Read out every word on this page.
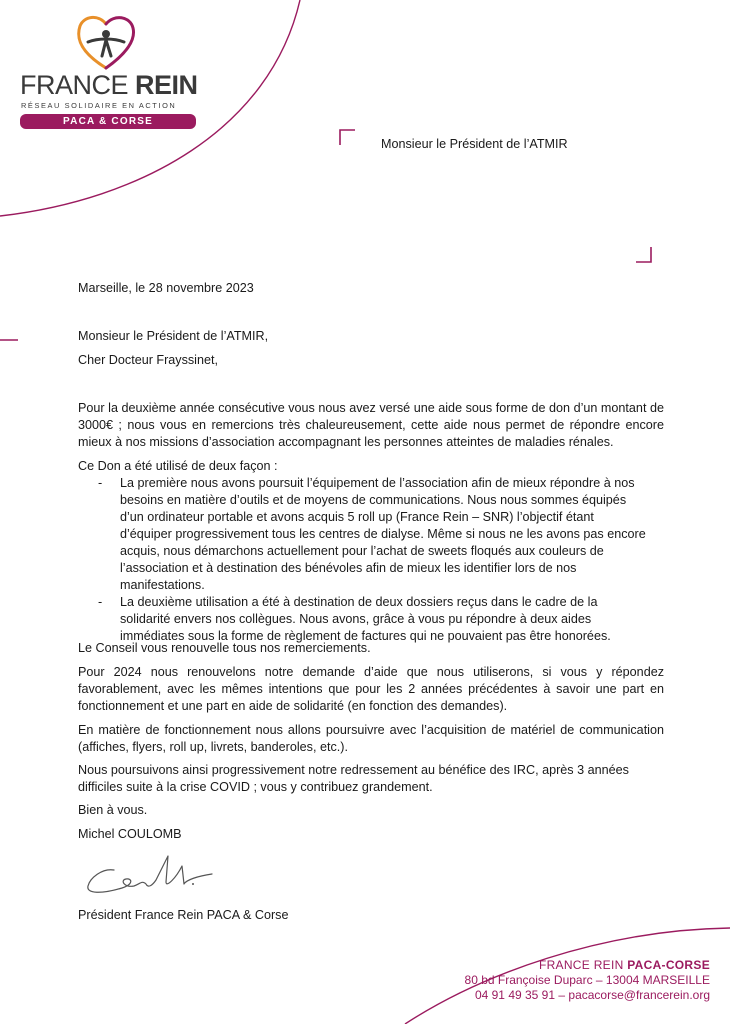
FRANCE REIN
RÉSEAU SOLIDAIRE EN ACTION
PACA & CORSE
Monsieur le Président de l’ATMIR
Marseille, le 28 novembre 2023
Monsieur le Président de l’ATMIR,
Cher Docteur Frayssinet,
Pour la deuxième année consécutive vous nous avez versé une aide sous forme de don d’un montant de 3000€ ; nous vous en remercions très chaleureusement, cette aide nous permet de répondre encore mieux à nos missions d’association accompagnant les personnes atteintes de maladies rénales.
Ce Don a été utilisé de deux façon :
- La première nous avons poursuit l’équipement de l’association afin de mieux répondre à nos besoins en matière d’outils et de moyens de communications. Nous nous sommes équipés d’un ordinateur portable et avons acquis 5 roll up (France Rein – SNR) l’objectif étant d’équiper progressivement tous les centres de dialyse. Même si nous ne les avons pas encore acquis, nous démarchons actuellement pour l’achat de sweets floqués aux couleurs de l’association et à destination des bénévoles afin de mieux les identifier lors de nos manifestations.
- La deuxième utilisation a été à destination de deux dossiers reçus dans le cadre de la solidarité envers nos collègues. Nous avons, grâce à vous pu répondre à deux aides immédiates sous la forme de règlement de factures qui ne pouvaient pas être honorées.
Le Conseil vous renouvelle tous nos remerciements.
Pour 2024 nous renouvelons notre demande d’aide que nous utiliserons, si vous y répondez favorablement, avec les mêmes intentions que pour les 2 années précédentes à savoir une part en fonctionnement et une part en aide de solidarité (en fonction des demandes).
En matière de fonctionnement nous allons poursuivre avec l’acquisition de matériel de communication (affiches, flyers, roll up, livrets, banderoles, etc.).
Nous poursuivons ainsi progressivement notre redressement au bénéfice des IRC, après 3 années difficiles suite à la crise COVID ; vous y contribuez grandement.
Bien à vous.
Michel COULOMB
Président France Rein PACA & Corse
FRANCE REIN PACA-CORSE
80 bd Françoise Duparc – 13004 MARSEILLE
04 91 49 35 91 – pacacorse@francerein.org
